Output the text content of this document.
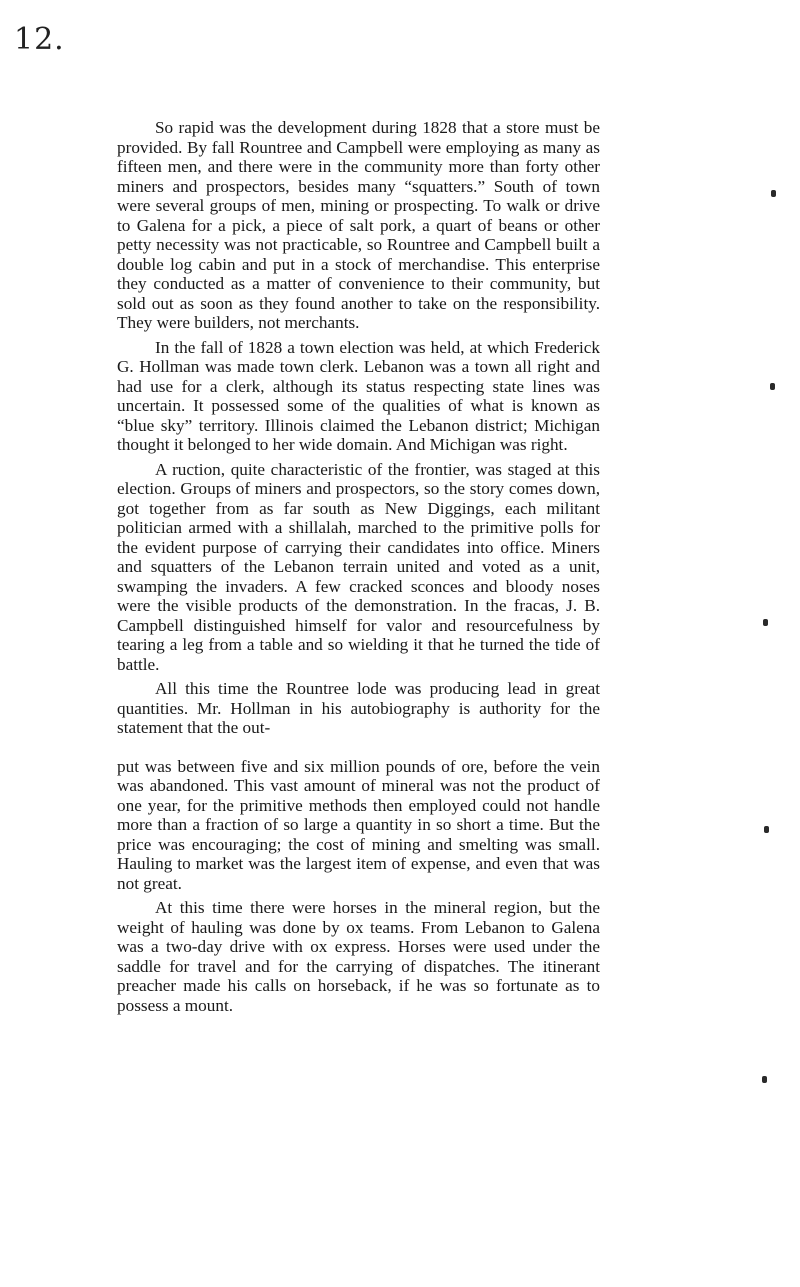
12.

So rapid was the development during 1828 that a store must be provided. By fall Rountree and Campbell were employing as many as fifteen men, and there were in the community more than forty other miners and prospectors, besides many “squatters.” South of town were several groups of men, mining or prospecting. To walk or drive to Galena for a pick, a piece of salt pork, a quart of beans or other petty necessity was not practicable, so Rountree and Campbell built a double log cabin and put in a stock of merchandise. This enterprise they conducted as a matter of convenience to their community, but sold out as soon as they found another to take on the responsibility. They were builders, not merchants.

In the fall of 1828 a town election was held, at which Frederick G. Hollman was made town clerk. Lebanon was a town all right and had use for a clerk, although its status respecting state lines was uncertain. It possessed some of the qualities of what is known as “blue sky” territory. Illinois claimed the Lebanon district; Michigan thought it belonged to her wide domain. And Michigan was right.

A ruction, quite characteristic of the frontier, was staged at this election. Groups of miners and prospectors, so the story comes down, got together from as far south as New Diggings, each militant politician armed with a shillalah, marched to the primitive polls for the evident purpose of carrying their candidates into office. Miners and squatters of the Lebanon terrain united and voted as a unit, swamping the invaders. A few cracked sconces and bloody noses were the visible products of the demonstration. In the fracas, J. B. Campbell distinguished himself for valor and resourcefulness by tearing a leg from a table and so wielding it that he turned the tide of battle.

All this time the Rountree lode was producing lead in great quantities. Mr. Hollman in his autobiography is authority for the statement that the out-

put was between five and six million pounds of ore, before the vein was abandoned. This vast amount of mineral was not the product of one year, for the primitive methods then employed could not handle more than a fraction of so large a quantity in so short a time. But the price was encouraging; the cost of mining and smelting was small. Hauling to market was the largest item of expense, and even that was not great.

At this time there were horses in the mineral region, but the weight of hauling was done by ox teams. From Lebanon to Galena was a two-day drive with ox express. Horses were used under the saddle for travel and for the carrying of dispatches. The itinerant preacher made his calls on horseback, if he was so fortunate as to possess a mount.
